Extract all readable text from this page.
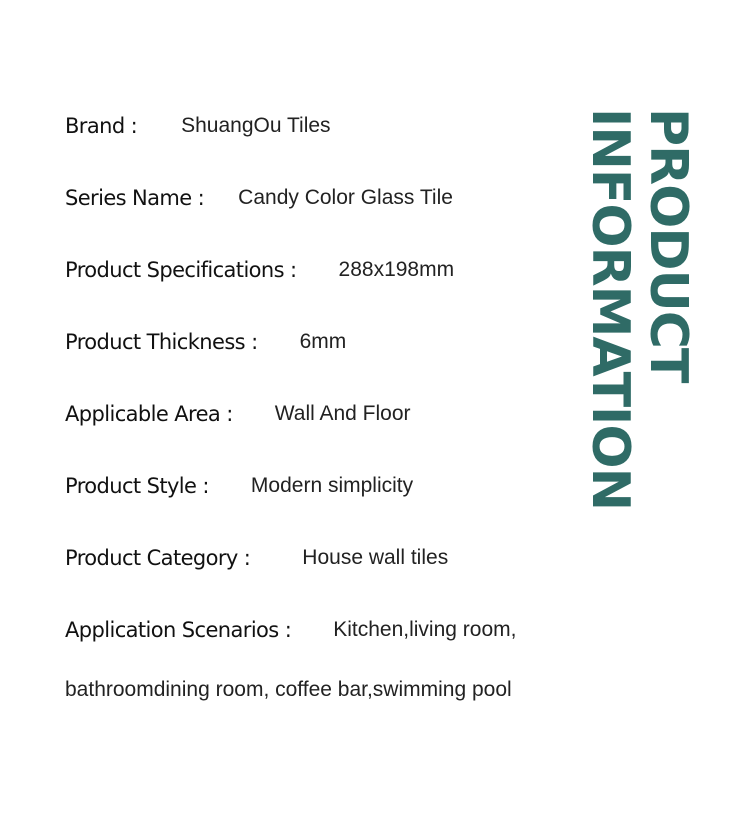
Brand : ShuangOu Tiles
Series Name : Candy Color Glass Tile
Product Specifications : 288x198mm
Product Thickness : 6mm
Applicable Area : Wall And Floor
Product Style : Modern simplicity
Product Category : House wall tiles
Application Scenarios : Kitchen,living room,
bathroomdining room, coffee bar,swimming pool
PRODUCT
INFORMATION
